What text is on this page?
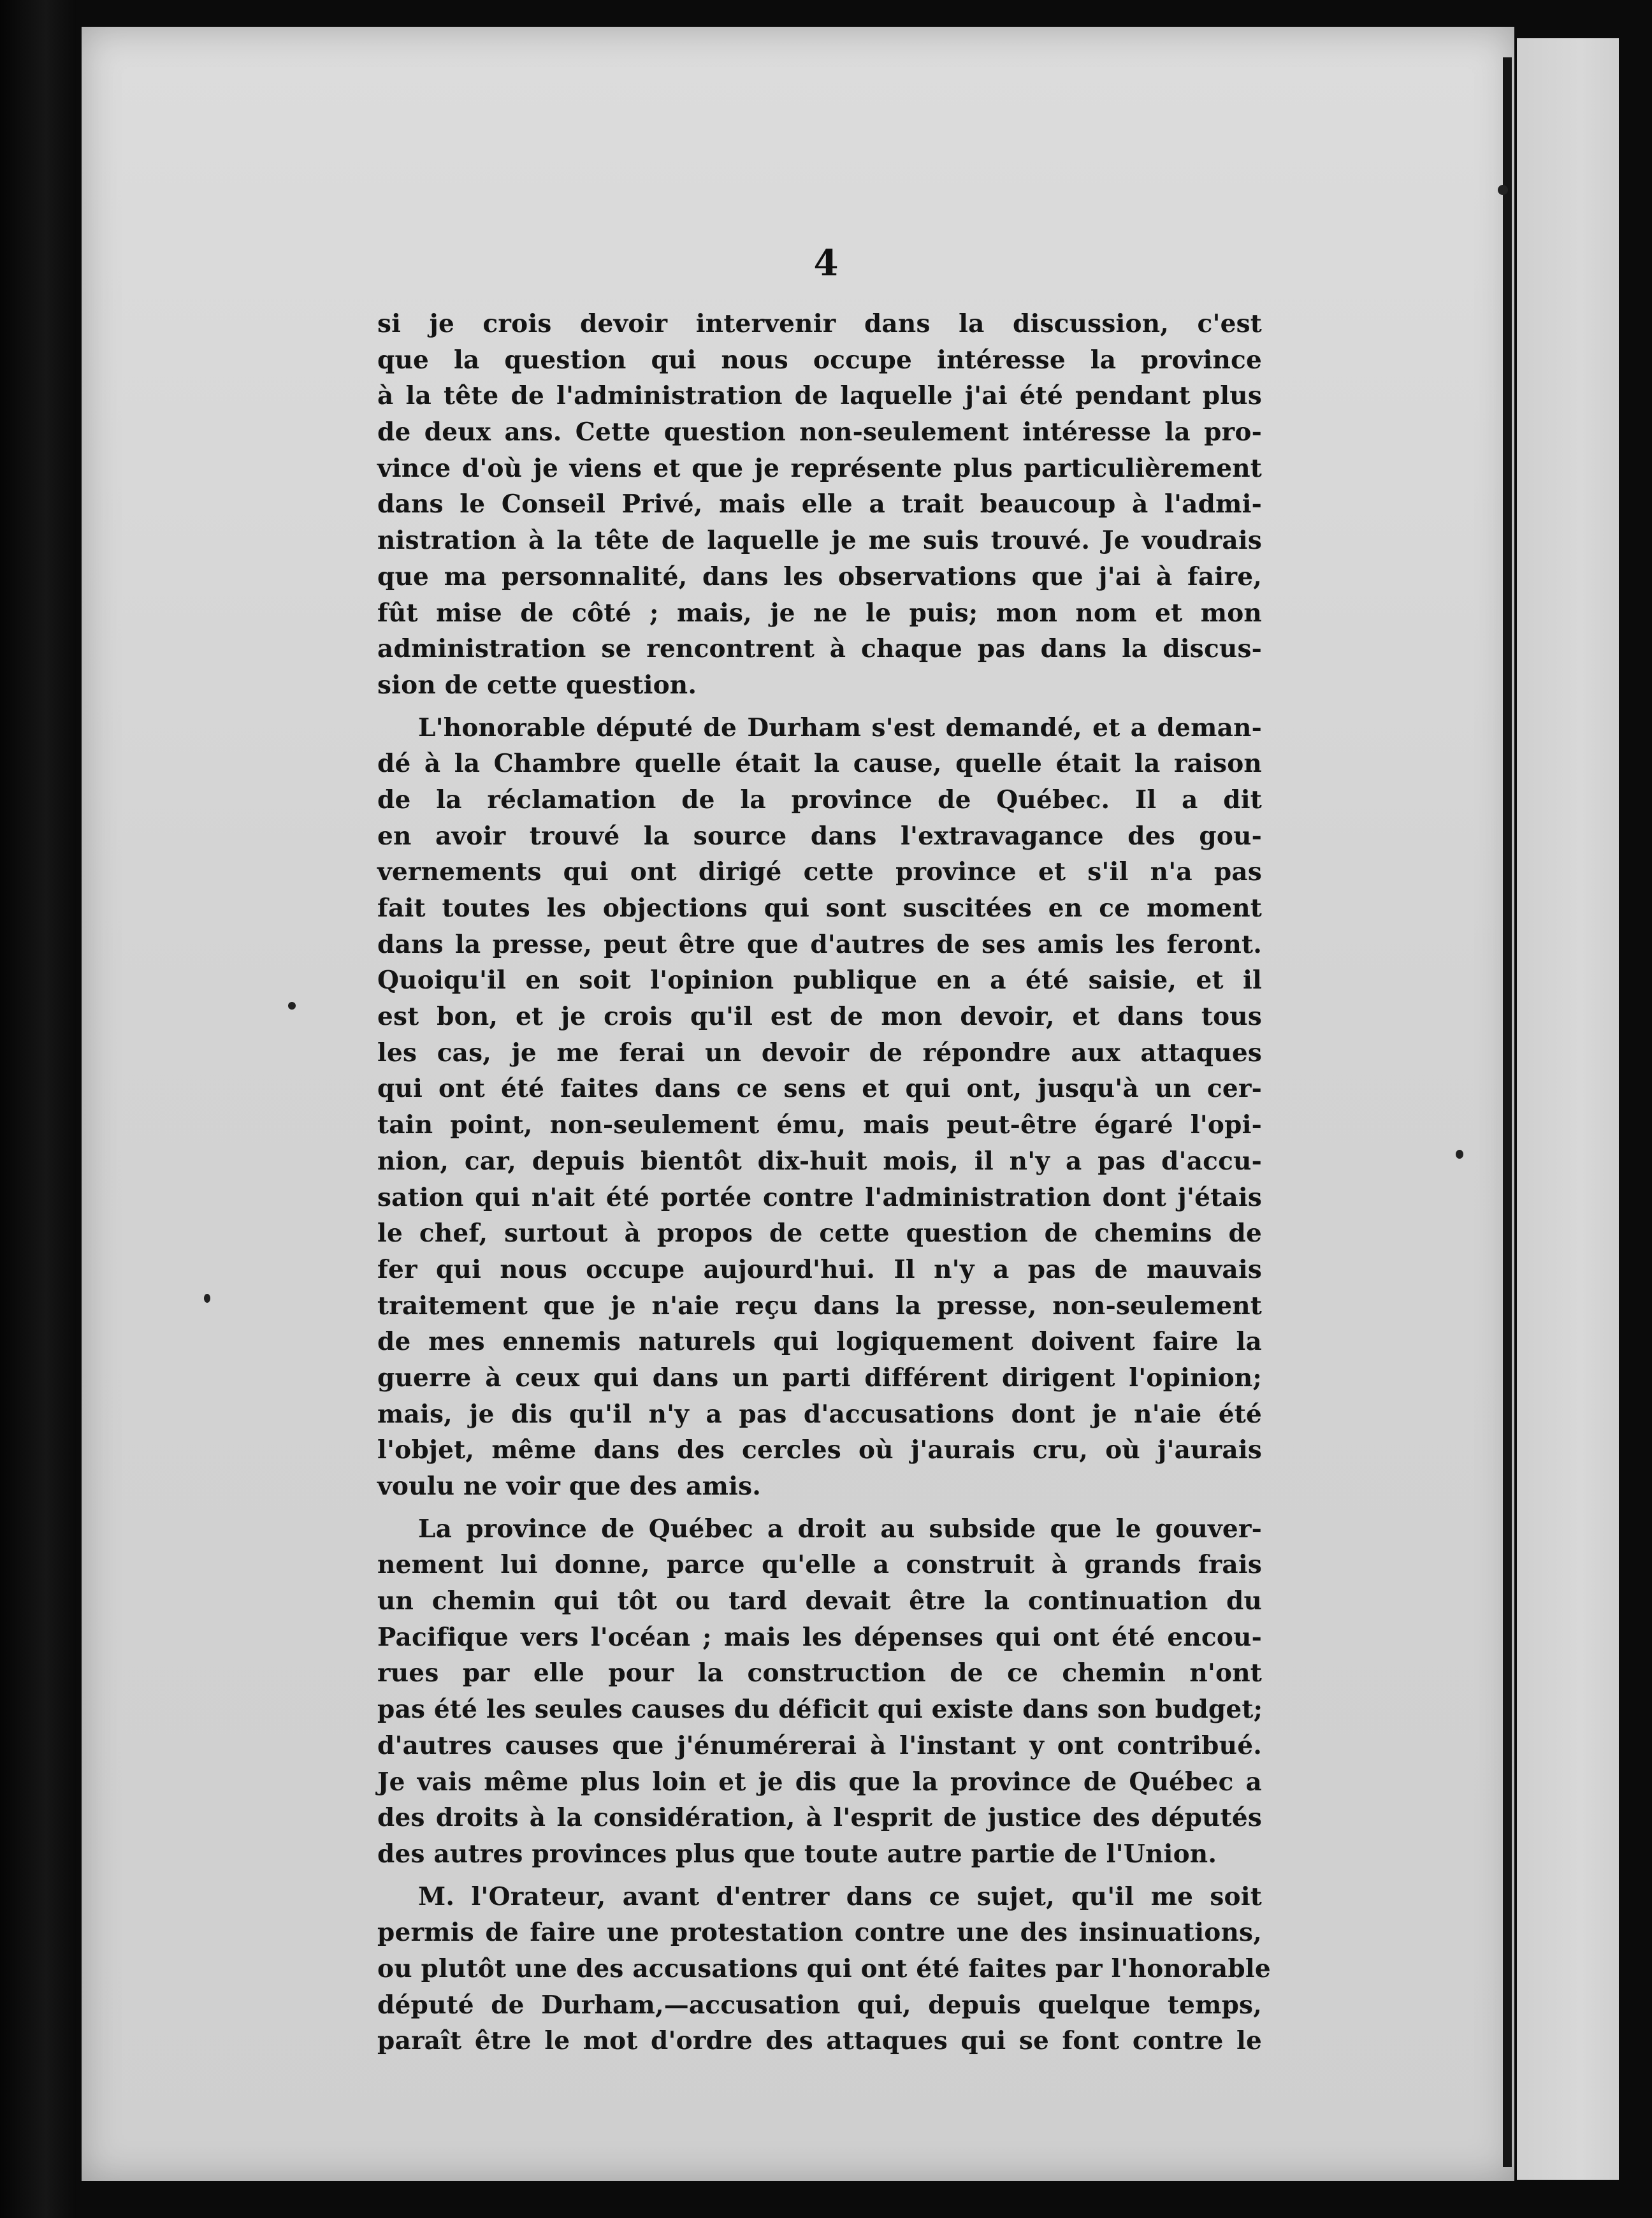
4
si je crois devoir intervenir dans la discussion, c'est
que la question qui nous occupe intéresse la province
à la tête de l'administration de laquelle j'ai été pendant plus
de deux ans. Cette question non-seulement intéresse la pro-
vince d'où je viens et que je représente plus particulièrement
dans le Conseil Privé, mais elle a trait beaucoup à l'admi-
nistration à la tête de laquelle je me suis trouvé. Je voudrais
que ma personnalité, dans les observations que j'ai à faire,
fût mise de côté ; mais, je ne le puis; mon nom et mon
administration se rencontrent à chaque pas dans la discus-
sion de cette question.
L'honorable député de Durham s'est demandé, et a deman-
dé à la Chambre quelle était la cause, quelle était la raison
de la réclamation de la province de Québec. Il a dit
en avoir trouvé la source dans l'extravagance des gou-
vernements qui ont dirigé cette province et s'il n'a pas
fait toutes les objections qui sont suscitées en ce moment
dans la presse, peut être que d'autres de ses amis les feront.
Quoiqu'il en soit l'opinion publique en a été saisie, et il
est bon, et je crois qu'il est de mon devoir, et dans tous
les cas, je me ferai un devoir de répondre aux attaques
qui ont été faites dans ce sens et qui ont, jusqu'à un cer-
tain point, non-seulement ému, mais peut-être égaré l'opi-
nion, car, depuis bientôt dix-huit mois, il n'y a pas d'accu-
sation qui n'ait été portée contre l'administration dont j'étais
le chef, surtout à propos de cette question de chemins de
fer qui nous occupe aujourd'hui. Il n'y a pas de mauvais
traitement que je n'aie reçu dans la presse, non-seulement
de mes ennemis naturels qui logiquement doivent faire la
guerre à ceux qui dans un parti différent dirigent l'opinion;
mais, je dis qu'il n'y a pas d'accusations dont je n'aie été
l'objet, même dans des cercles où j'aurais cru, où j'aurais
voulu ne voir que des amis.
La province de Québec a droit au subside que le gouver-
nement lui donne, parce qu'elle a construit à grands frais
un chemin qui tôt ou tard devait être la continuation du
Pacifique vers l'océan ; mais les dépenses qui ont été encou-
rues par elle pour la construction de ce chemin n'ont
pas été les seules causes du déficit qui existe dans son budget;
d'autres causes que j'énumérerai à l'instant y ont contribué.
Je vais même plus loin et je dis que la province de Québec a
des droits à la considération, à l'esprit de justice des députés
des autres provinces plus que toute autre partie de l'Union.
M. l'Orateur, avant d'entrer dans ce sujet, qu'il me soit
permis de faire une protestation contre une des insinuations,
ou plutôt une des accusations qui ont été faites par l'honorable
député de Durham,—accusation qui, depuis quelque temps,
paraît être le mot d'ordre des attaques qui se font contre le
